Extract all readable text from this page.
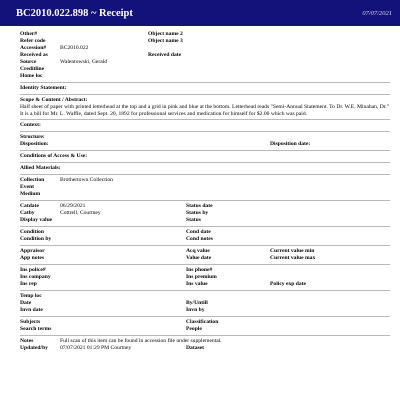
BC2010.022.898 ~ Receipt	07/07/2021
Other#	Object name 2
Refer code	Object name 3
Accession# BC2010.022
Received as	Received date
Source	Walentowski, Gerald
Creditline
Home loc
Identity Statement:
Scope & Content / Abstract:
Half sheet of paper with printed letterhead at the top and a grid in pink and blue at the bottom. Letterhead reads "Semi-Annual Statement. To Dr. W.E. Minahan, Dr." It is a bill for Mr. L. Waffle, dated Sept. 20, 1892 for professional services and medication for himself for $2.00 which was paid.
Context:
Structure:
Disposition:	Disposition date:
Conditions of Access & Use:
Allied Materials:
Collection	Brothertown Collection
Event
Medium
Catdate	06/29/2021	Status date
Catby	Cottrell, Courtney	Status by
Display value	Status
Condition	Cond date
Condition by	Cond notes
Appraisor	Acq value	Current value min
App notes	Value date	Current value max
Ins police#	Ins phone#
Ins company	Ins premium
Ins rep	Ins value	Policy exp date
Temp loc
Date	By/Untill
Invn date	Invn by
Subjects	Classification
Search terms	People
Notes	Full scan of this item can be found in accession file under supplemental.
Updated/by 07/07/2021 01:29 PM Courtney	Dataset
